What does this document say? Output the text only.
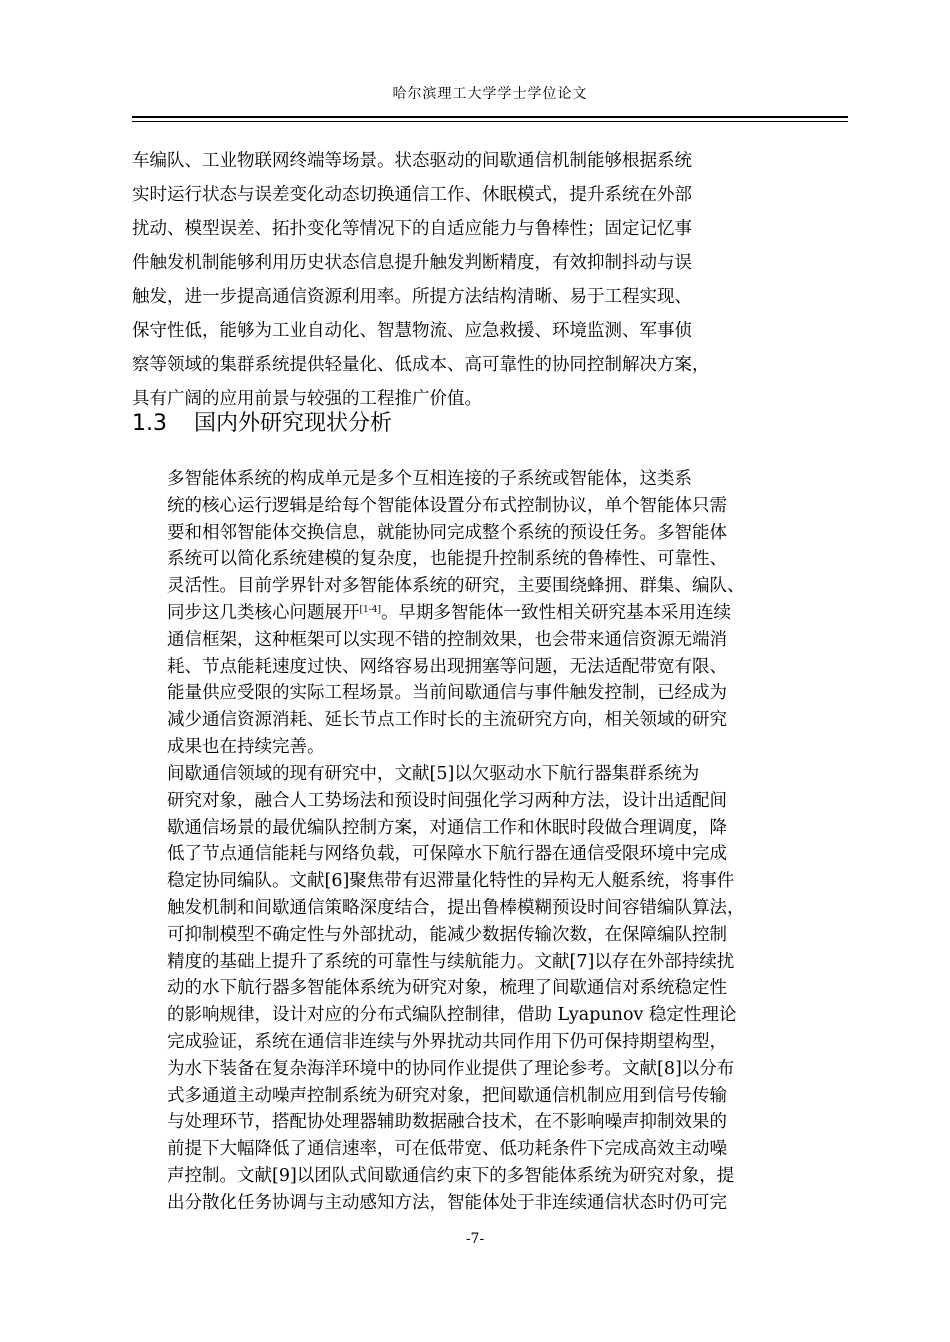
哈尔滨理工大学学士学位论文
车编队、工业物联网终端等场景。状态驱动的间歇通信机制能够根据系统
实时运行状态与误差变化动态切换通信工作、休眠模式，提升系统在外部
扰动、模型误差、拓扑变化等情况下的自适应能力与鲁棒性；固定记忆事
件触发机制能够利用历史状态信息提升触发判断精度，有效抑制抖动与误
触发，进一步提高通信资源利用率。所提方法结构清晰、易于工程实现、
保守性低，能够为工业自动化、智慧物流、应急救援、环境监测、军事侦
察等领域的集群系统提供轻量化、低成本、高可靠性的协同控制解决方案，
具有广阔的应用前景与较强的工程推广价值。
1.3 国内外研究现状分析
多智能体系统的构成单元是多个互相连接的子系统或智能体，这类系
统的核心运行逻辑是给每个智能体设置分布式控制协议，单个智能体只需
要和相邻智能体交换信息，就能协同完成整个系统的预设任务。多智能体
系统可以简化系统建模的复杂度，也能提升控制系统的鲁棒性、可靠性、
灵活性。目前学界针对多智能体系统的研究，主要围绕蜂拥、群集、编队、
同步这几类核心问题展开[1-4]。早期多智能体一致性相关研究基本采用连续
通信框架，这种框架可以实现不错的控制效果，也会带来通信资源无端消
耗、节点能耗速度过快、网络容易出现拥塞等问题，无法适配带宽有限、
能量供应受限的实际工程场景。当前间歇通信与事件触发控制，已经成为
减少通信资源消耗、延长节点工作时长的主流研究方向，相关领域的研究
成果也在持续完善。
间歇通信领域的现有研究中，文献[5]以欠驱动水下航行器集群系统为
研究对象，融合人工势场法和预设时间强化学习两种方法，设计出适配间
歇通信场景的最优编队控制方案，对通信工作和休眠时段做合理调度，降
低了节点通信能耗与网络负载，可保障水下航行器在通信受限环境中完成
稳定协同编队。文献[6]聚焦带有迟滞量化特性的异构无人艇系统，将事件
触发机制和间歇通信策略深度结合，提出鲁棒模糊预设时间容错编队算法，
可抑制模型不确定性与外部扰动，能减少数据传输次数，在保障编队控制
精度的基础上提升了系统的可靠性与续航能力。文献[7]以存在外部持续扰
动的水下航行器多智能体系统为研究对象，梳理了间歇通信对系统稳定性
的影响规律，设计对应的分布式编队控制律，借助 Lyapunov 稳定性理论
完成验证，系统在通信非连续与外界扰动共同作用下仍可保持期望构型，
为水下装备在复杂海洋环境中的协同作业提供了理论参考。文献[8]以分布
式多通道主动噪声控制系统为研究对象，把间歇通信机制应用到信号传输
与处理环节，搭配协处理器辅助数据融合技术，在不影响噪声抑制效果的
前提下大幅降低了通信速率，可在低带宽、低功耗条件下完成高效主动噪
声控制。文献[9]以团队式间歇通信约束下的多智能体系统为研究对象，提
出分散化任务协调与主动感知方法，智能体处于非连续通信状态时仍可完
-7-
